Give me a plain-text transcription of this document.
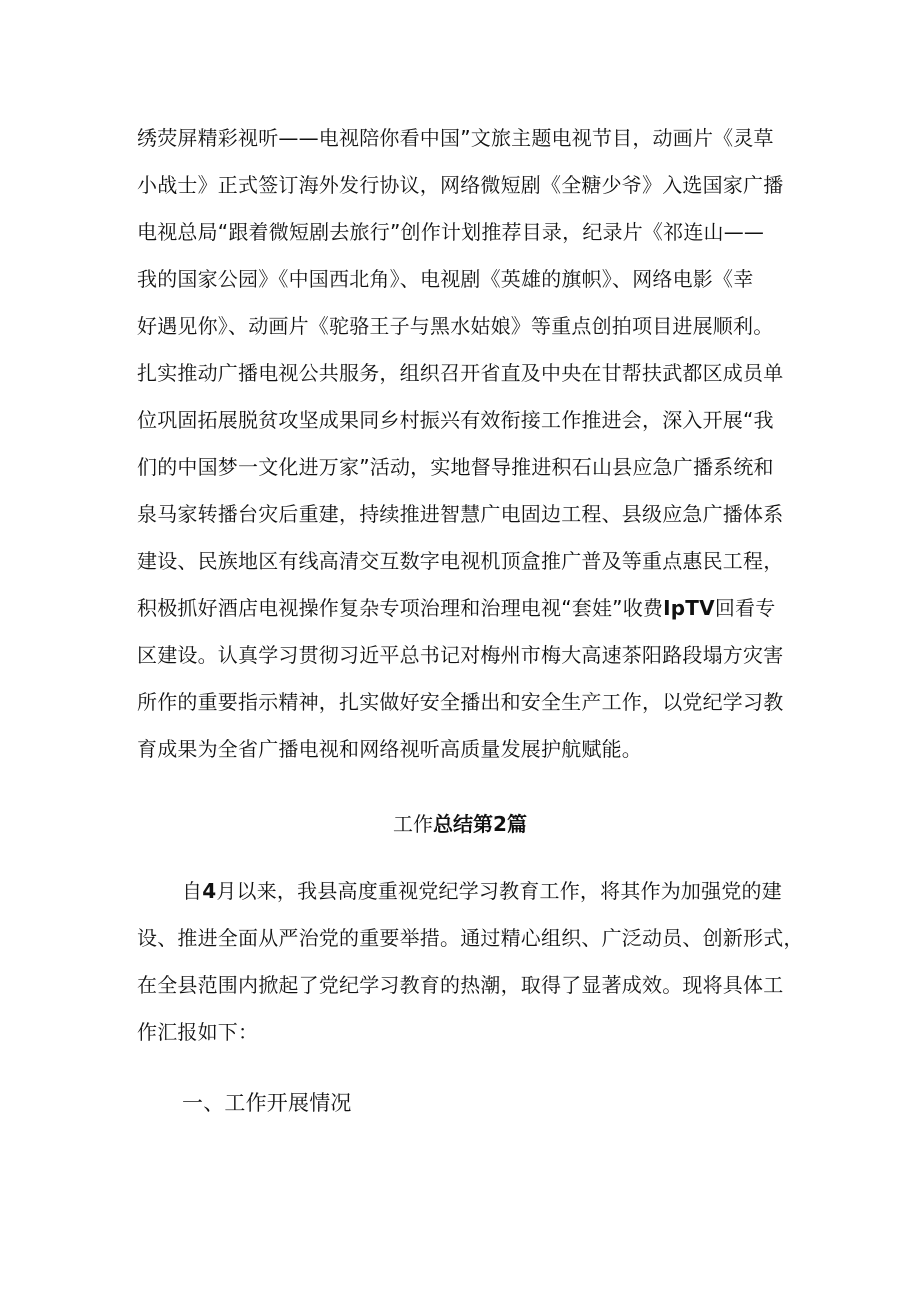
绣荧屏精彩视听——电视陪你看中国”文旅主题电视节目，动画片《灵草
小战士》正式签订海外发行协议，网络微短剧《全糖少爷》入选国家广播
电视总局“跟着微短剧去旅行”创作计划推荐目录，纪录片《祁连山——
我的国家公园》《中国西北角》、电视剧《英雄的旗帜》、网络电影《幸
好遇见你》、动画片《驼骆王子与黑水姑娘》等重点创拍项目进展顺利。
扎实推动广播电视公共服务，组织召开省直及中央在甘帮扶武都区成员单
位巩固拓展脱贫攻坚成果同乡村振兴有效衔接工作推进会，深入开展“我
们的中国梦一文化进万家”活动，实地督导推进积石山县应急广播系统和
泉马家转播台灾后重建，持续推进智慧广电固边工程、县级应急广播体系
建设、民族地区有线高清交互数字电视机顶盒推广普及等重点惠民工程，
积极抓好酒店电视操作复杂专项治理和治理电视“套娃”收费IpTV回看专
区建设。认真学习贯彻习近平总书记对梅州市梅大高速茶阳路段塌方灾害
所作的重要指示精神，扎实做好安全播出和安全生产工作，以党纪学习教
育成果为全省广播电视和网络视听高质量发展护航赋能。
工作总结第2篇
自4月以来，我县高度重视党纪学习教育工作，将其作为加强党的建
设、推进全面从严治党的重要举措。通过精心组织、广泛动员、创新形式，
在全县范围内掀起了党纪学习教育的热潮，取得了显著成效。现将具体工
作汇报如下：
一、工作开展情况
